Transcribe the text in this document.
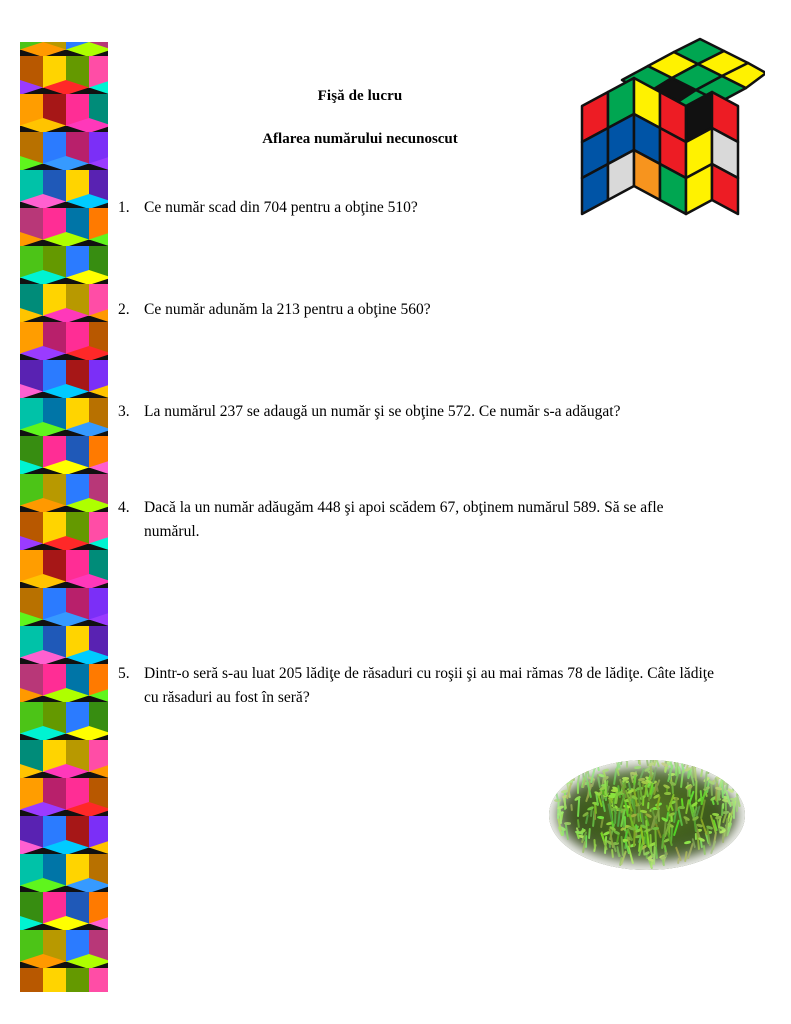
Fişă de lucru

Aflarea numărului necunoscut

1. Ce număr scad din 704 pentru a obţine 510?
2. Ce număr adunăm la 213 pentru a obţine 560?
3. La numărul 237 se adaugă un număr şi se obţine 572. Ce număr s-a adăugat?
4. Dacă la un număr adăugăm 448 şi apoi scădem 67, obţinem numărul 589. Să se afle numărul.
5. Dintr-o seră s-au luat 205 lădiţe de răsaduri cu roşii şi au mai rămas 78 de lădiţe. Câte lădiţe cu răsaduri au fost în seră?
